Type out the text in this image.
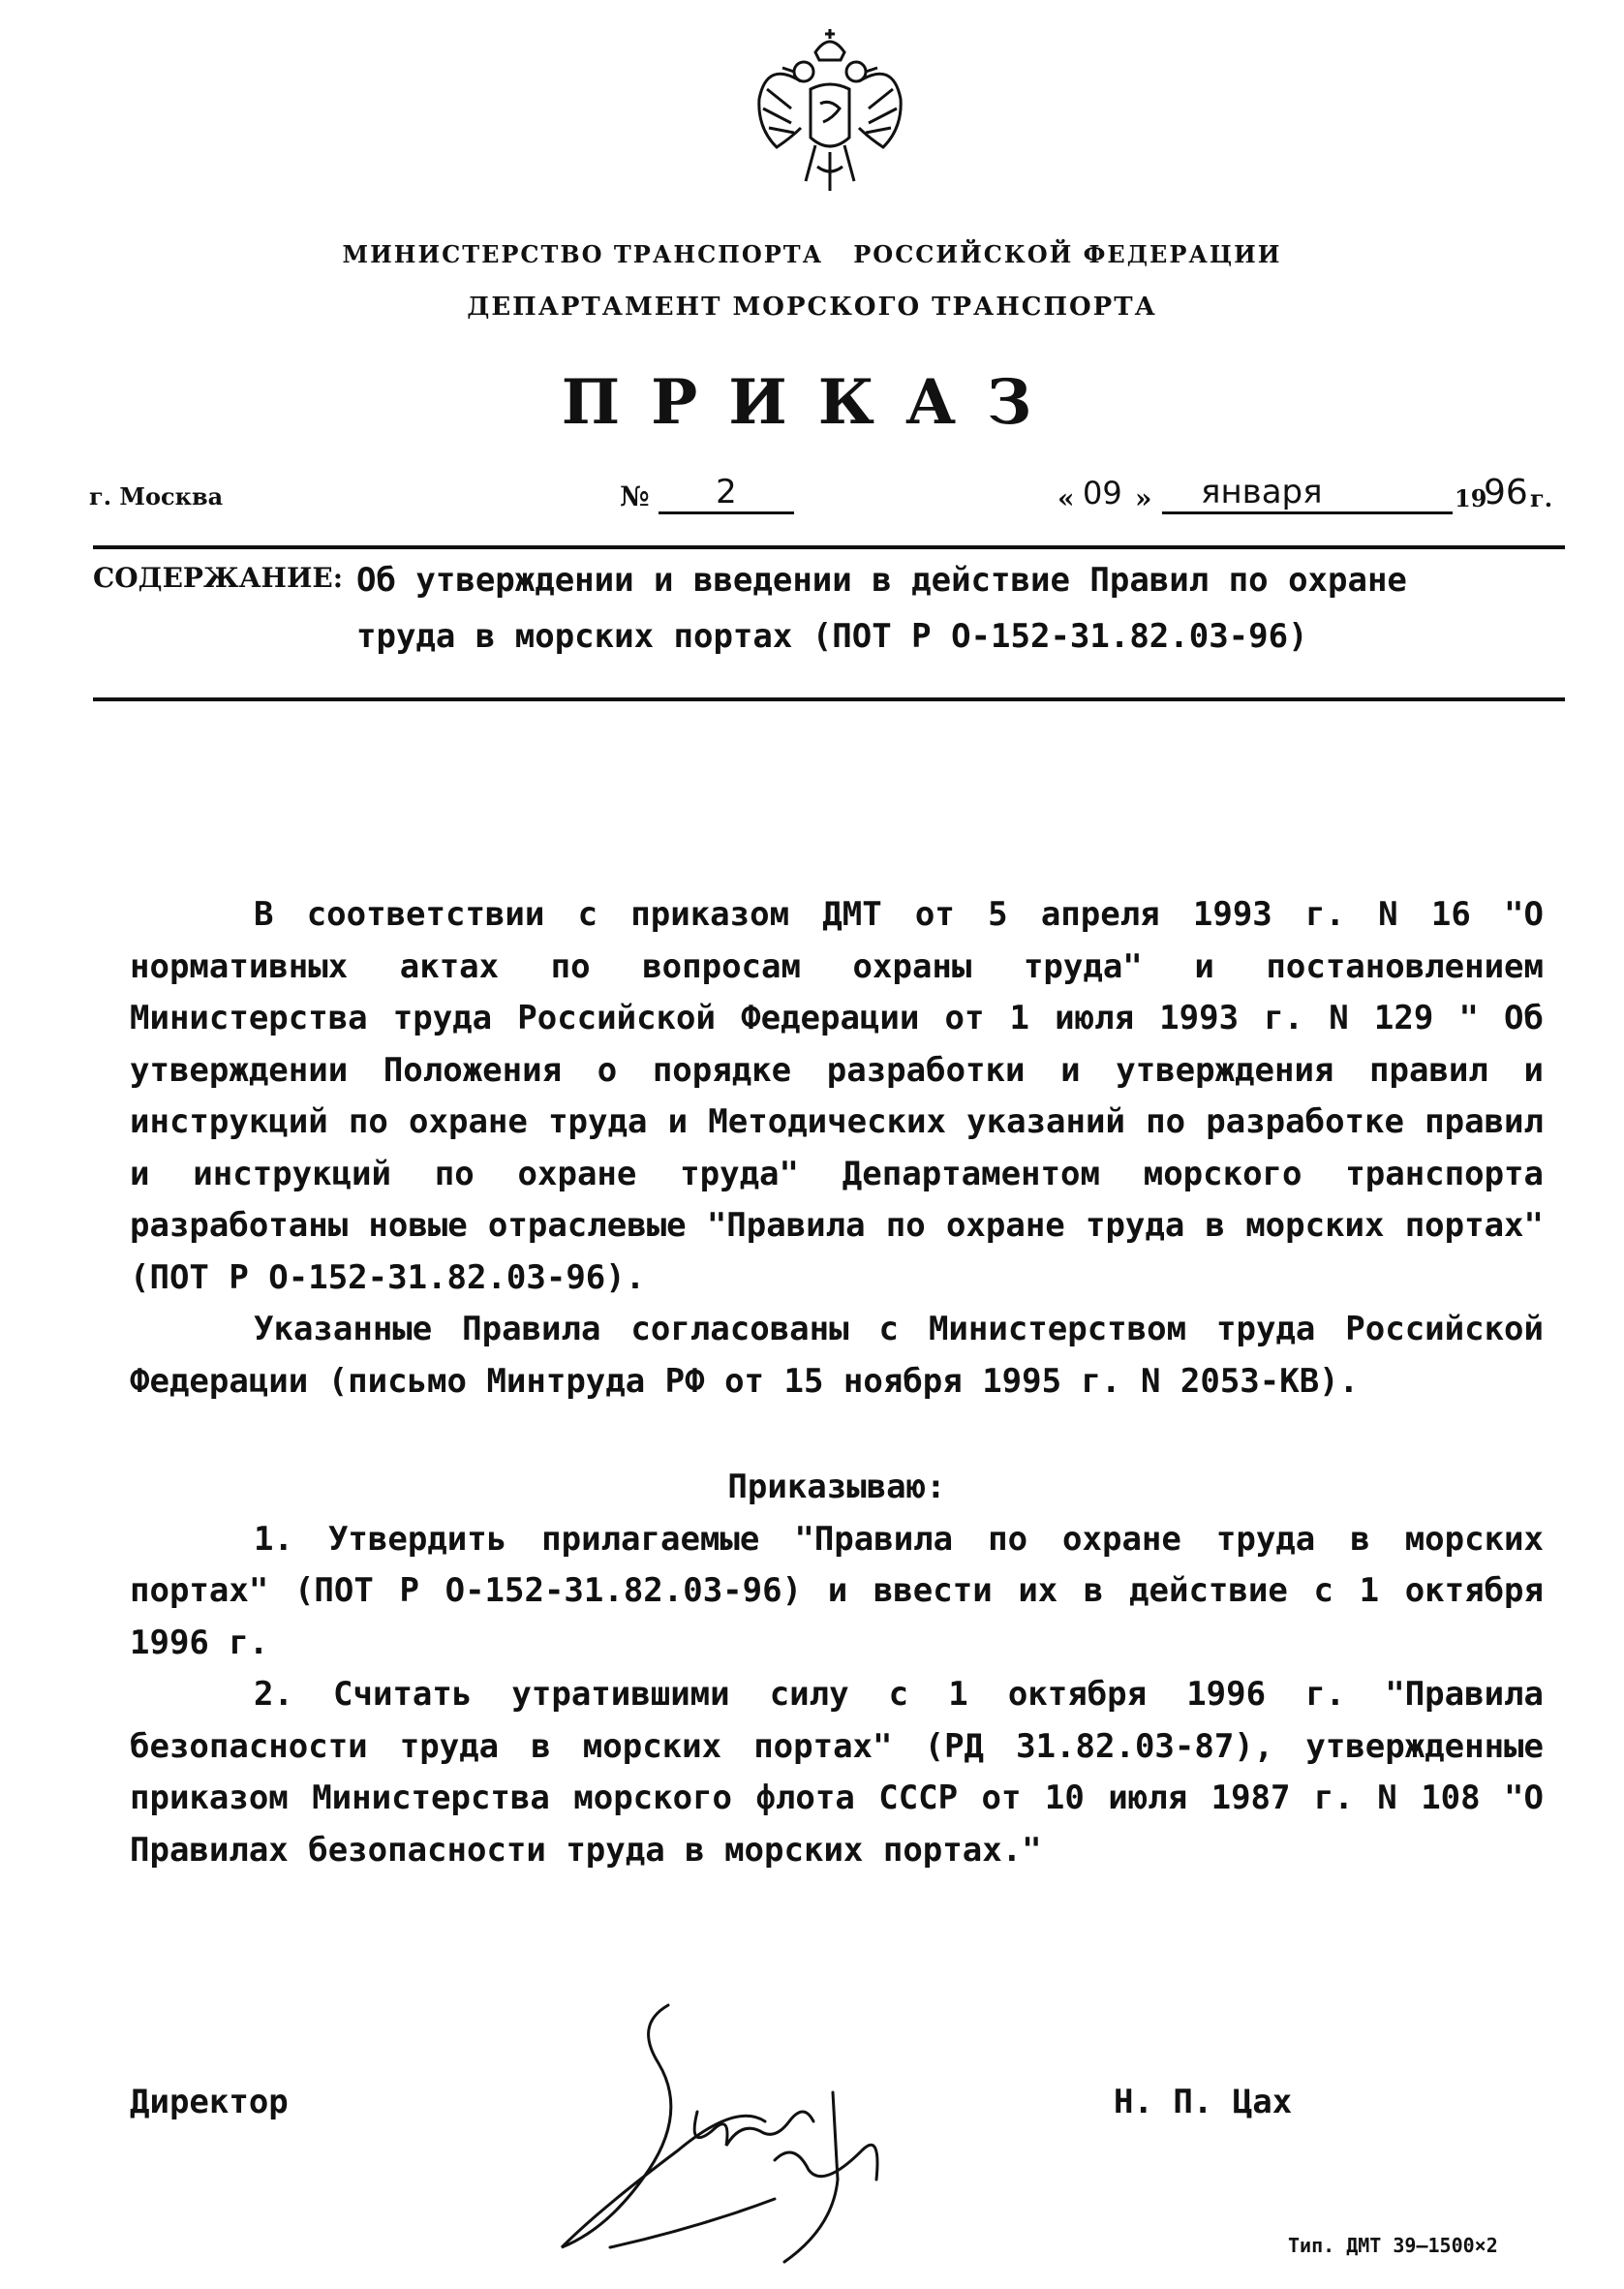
МИНИСТЕРСТВО ТРАНСПОРТА   РОССИЙСКОЙ ФЕДЕРАЦИИ
ДЕПАРТАМЕНТ МОРСКОГО ТРАНСПОРТА
ПРИКАЗ
г. Москва	№	2	« 09 »	января	19
96 г.
СОДЕРЖАНИЕ: Об утверждении и введении в действие Правил по охране
труда в морских портах (ПОТ Р О-152-31.82.03-96)

В соответствии с приказом ДМТ от 5 апреля 1993 г. N 16 "О нормативных актах по вопросам охраны труда" и постановлением Министерства труда Российской Федерации от 1 июля 1993 г. N 129 " Об утверждении Положения о порядке разработки и утверждения правил и инструкций по охране труда и Методических указаний по разработке правил и инструкций по охране труда" Департаментом морского транспорта разработаны новые отраслевые "Правила по охране труда в морских портах" (ПОТ Р О-152-31.82.03-96).

Указанные Правила согласованы с Министерством труда Российской Федерации (письмо Минтруда РФ от 15 ноября 1995 г. N 2053-КВ).

Приказываю:

1. Утвердить прилагаемые "Правила по охране труда в морских портах" (ПОТ Р О-152-31.82.03-96) и ввести их в действие с 1 октября 1996 г.

2. Считать утратившими силу с 1 октября 1996 г. "Правила безопасности труда в морских портах" (РД 31.82.03-87), утвержденные приказом Министерства морского флота СССР от 10 июля 1987 г. N 108 "О Правилах безопасности труда в морских портах."

Директор	Н. П. Цах
Тип. ДМТ 39—1500×2
